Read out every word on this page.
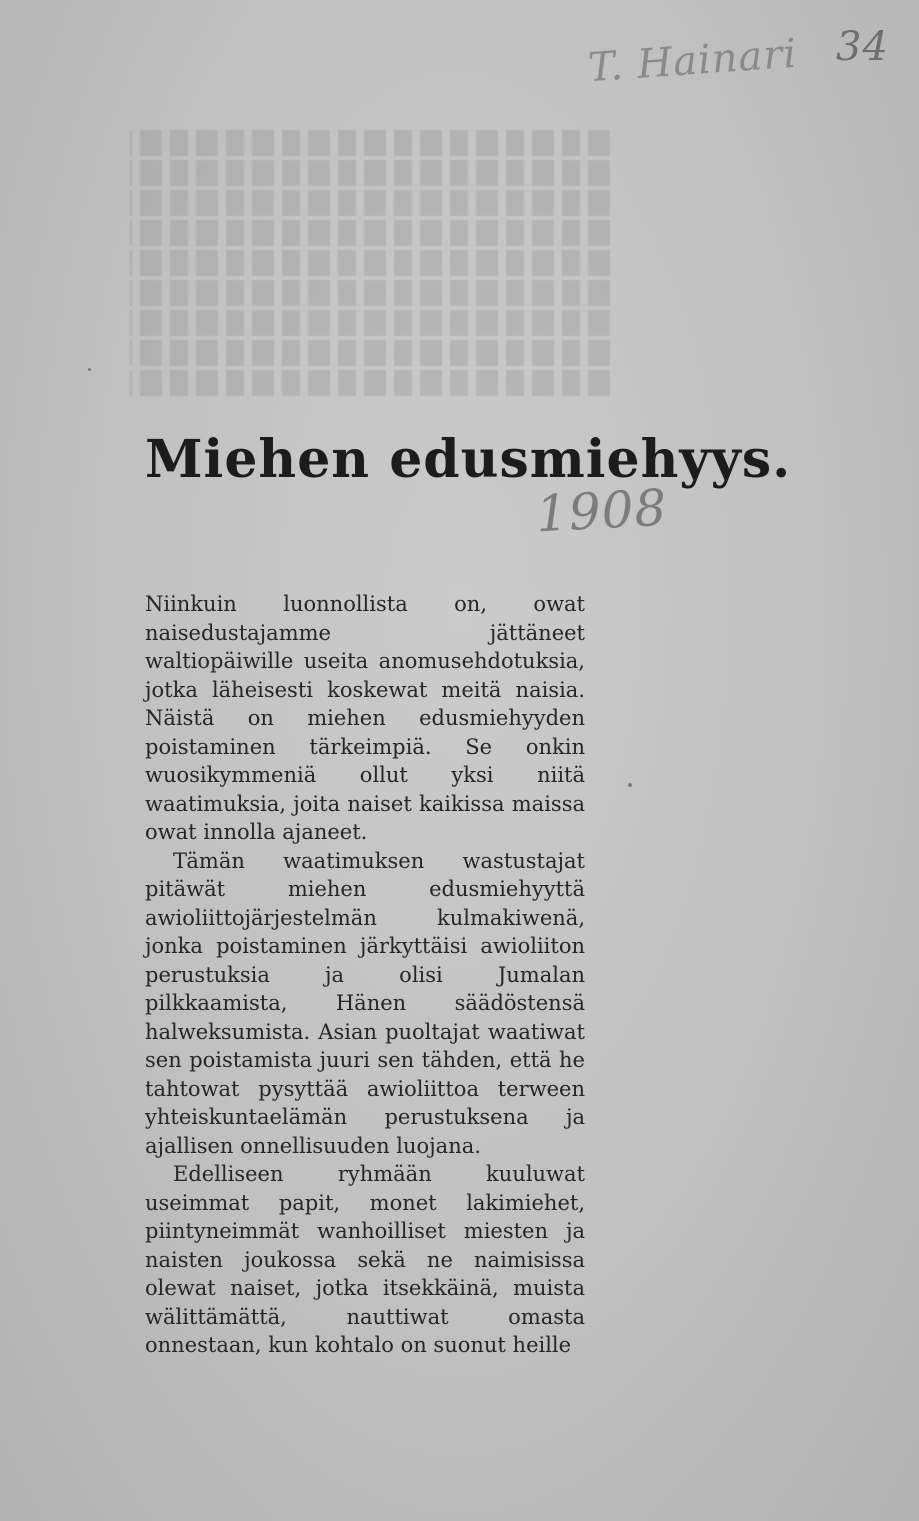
T. Hainari 34
Miehen edusmiehyys.
1908

Niinkuin luonnollista on, owat naisedustajamme jättäneet waltiopäiwille useita anomusehdotuksia, jotka läheisesti koskewat meitä naisia. Näistä on miehen edusmiehyyden poistaminen tärkeimpiä. Se onkin wuosikymmeniä ollut yksi niitä waatimuksia, joita naiset kaikissa maissa owat innolla ajaneet.

Tämän waatimuksen wastustajat pitäwät miehen edusmiehyyttä awioliittojärjestelmän kulmakiwenä, jonka poistaminen järkyttäisi awioliiton perustuksia ja olisi Jumalan pilkkaamista, Hänen säädöstensä halweksumista. Asian puoltajat waatiwat sen poistamista juuri sen tähden, että he tahtowat pysyttää awioliittoa terween yhteiskuntaelämän perustuksena ja ajallisen onnellisuuden luojana.

Edelliseen ryhmään kuuluwat useimmat papit, monet lakimiehet, piintyneimmät wanhoilliset miesten ja naisten joukossa sekä ne naimisissa olewat naiset, jotka itsekkäinä, muista wälittämättä, nauttiwat omasta onnestaan, kun kohtalo on suonut heille
